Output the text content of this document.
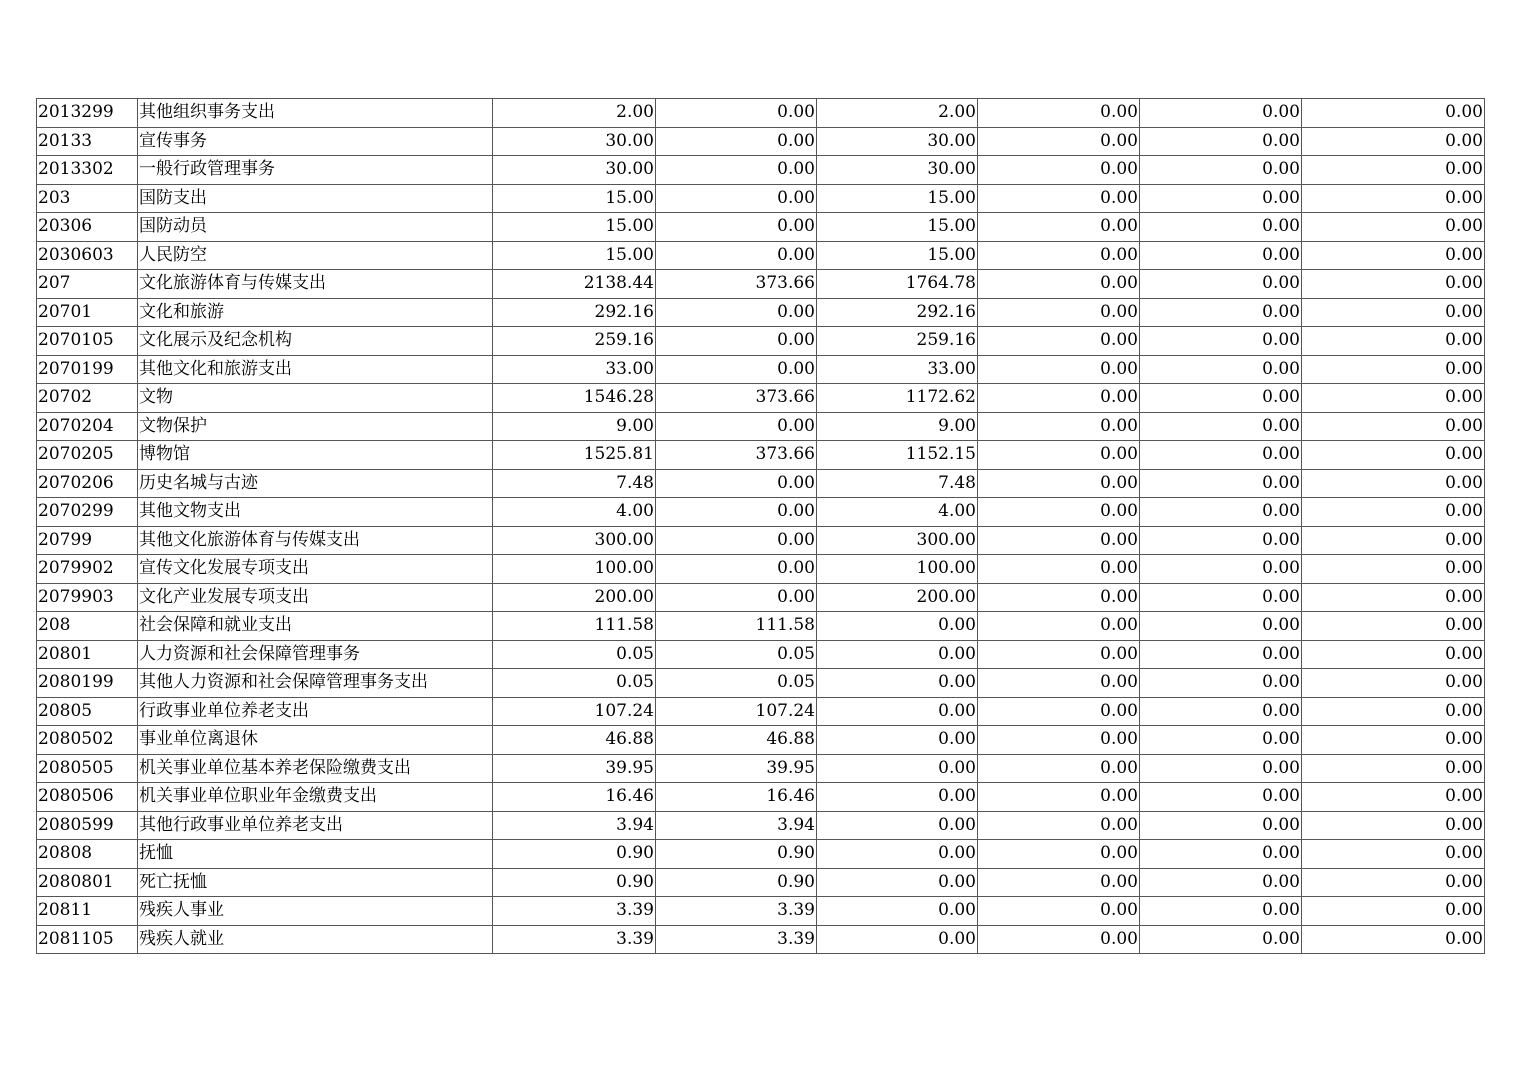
2013299	其他组织事务支出	2.00	0.00	2.00	0.00	0.00	0.00
20133	宣传事务	30.00	0.00	30.00	0.00	0.00	0.00
2013302	一般行政管理事务	30.00	0.00	30.00	0.00	0.00	0.00
203	国防支出	15.00	0.00	15.00	0.00	0.00	0.00
20306	国防动员	15.00	0.00	15.00	0.00	0.00	0.00
2030603	人民防空	15.00	0.00	15.00	0.00	0.00	0.00
207	文化旅游体育与传媒支出	2138.44	373.66	1764.78	0.00	0.00	0.00
20701	文化和旅游	292.16	0.00	292.16	0.00	0.00	0.00
2070105	文化展示及纪念机构	259.16	0.00	259.16	0.00	0.00	0.00
2070199	其他文化和旅游支出	33.00	0.00	33.00	0.00	0.00	0.00
20702	文物	1546.28	373.66	1172.62	0.00	0.00	0.00
2070204	文物保护	9.00	0.00	9.00	0.00	0.00	0.00
2070205	博物馆	1525.81	373.66	1152.15	0.00	0.00	0.00
2070206	历史名城与古迹	7.48	0.00	7.48	0.00	0.00	0.00
2070299	其他文物支出	4.00	0.00	4.00	0.00	0.00	0.00
20799	其他文化旅游体育与传媒支出	300.00	0.00	300.00	0.00	0.00	0.00
2079902	宣传文化发展专项支出	100.00	0.00	100.00	0.00	0.00	0.00
2079903	文化产业发展专项支出	200.00	0.00	200.00	0.00	0.00	0.00
208	社会保障和就业支出	111.58	111.58	0.00	0.00	0.00	0.00
20801	人力资源和社会保障管理事务	0.05	0.05	0.00	0.00	0.00	0.00
2080199	其他人力资源和社会保障管理事务支出	0.05	0.05	0.00	0.00	0.00	0.00
20805	行政事业单位养老支出	107.24	107.24	0.00	0.00	0.00	0.00
2080502	事业单位离退休	46.88	46.88	0.00	0.00	0.00	0.00
2080505	机关事业单位基本养老保险缴费支出	39.95	39.95	0.00	0.00	0.00	0.00
2080506	机关事业单位职业年金缴费支出	16.46	16.46	0.00	0.00	0.00	0.00
2080599	其他行政事业单位养老支出	3.94	3.94	0.00	0.00	0.00	0.00
20808	抚恤	0.90	0.90	0.00	0.00	0.00	0.00
2080801	死亡抚恤	0.90	0.90	0.00	0.00	0.00	0.00
20811	残疾人事业	3.39	3.39	0.00	0.00	0.00	0.00
2081105	残疾人就业	3.39	3.39	0.00	0.00	0.00	0.00
